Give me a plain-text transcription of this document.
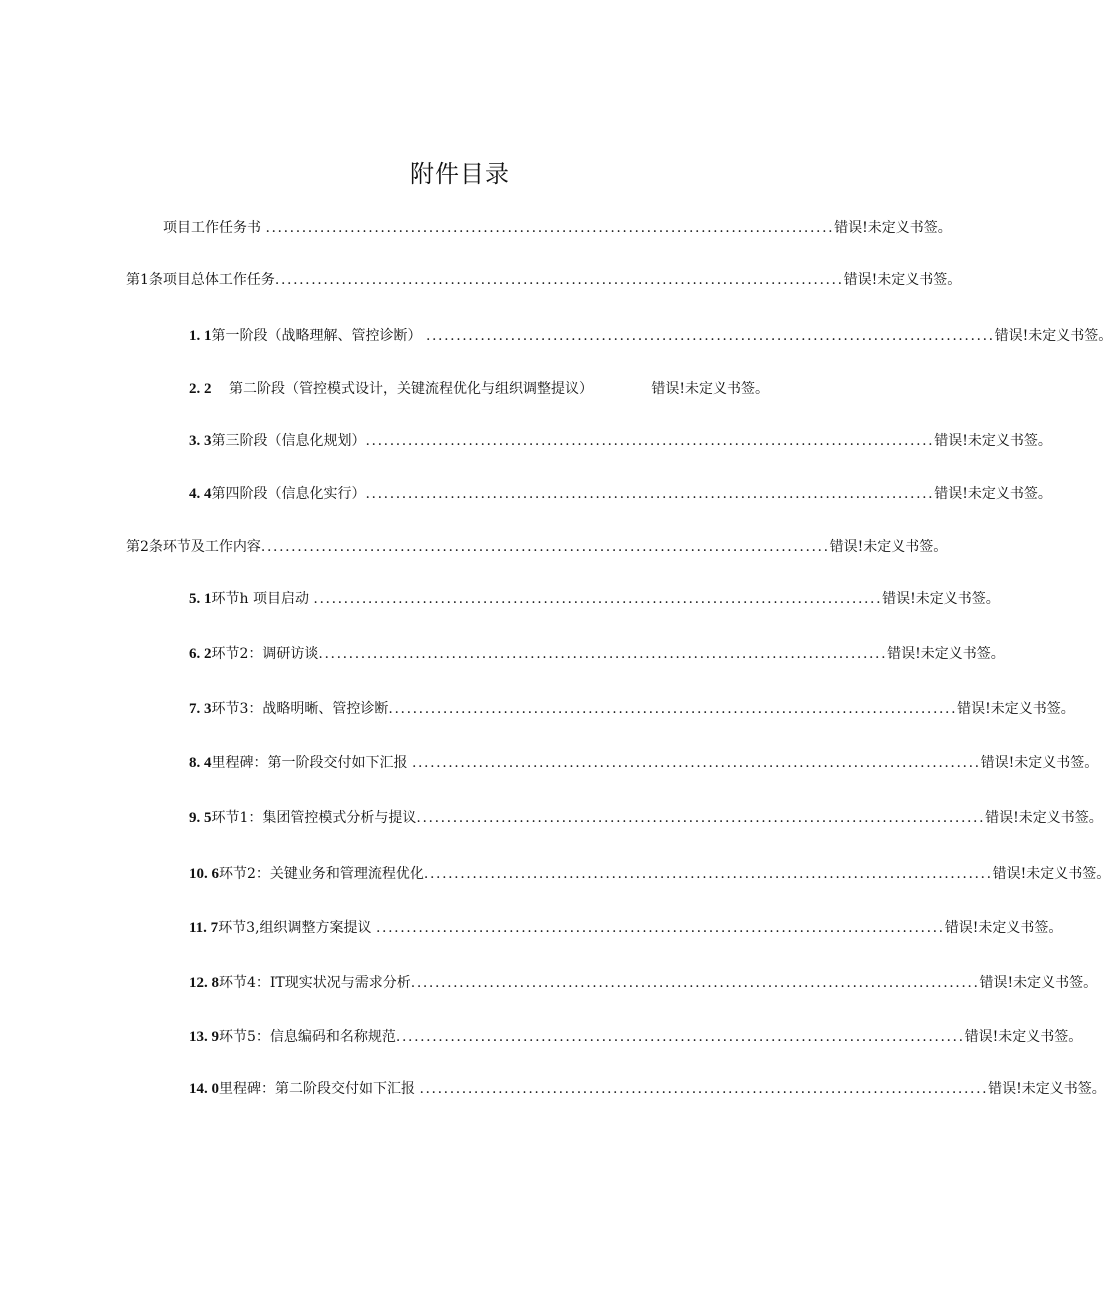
附件目录
项目工作任务书 .............................................................................................. 错误!未定义书签。
第1条 项目总体工作任务.............................................................................................. 错误!未定义书签。
1. 1 第一阶段（战略理解、管控诊断） .............................................................................................. 错误!未定义书签。
2. 2	第二阶段（管控模式设计，关键流程优化与组织调整提议）	错误!未定义书签。
3. 3 第三阶段（信息化规划）.............................................................................................. 错误!未定义书签。
4. 4 第四阶段（信息化实行）.............................................................................................. 错误!未定义书签。
第2条 环节及工作内容.............................................................................................. 错误!未定义书签。
5. 1 环节h 项目启动 .............................................................................................. 错误!未定义书签。
6. 2 环节2：调研访谈.............................................................................................. 错误!未定义书签。
7. 3 环节3：战略明晰、管控诊断.............................................................................................. 错误!未定义书签。
8. 4 里程碑：第一阶段交付如下汇报 .............................................................................................. 错误!未定义书签。
9. 5 环节1：集团管控模式分析与提议.............................................................................................. 错误!未定义书签。
10. 6 环节2：关键业务和管理流程优化.............................................................................................. 错误!未定义书签。
11. 7 环节3,组织调整方案提议 .............................................................................................. 错误!未定义书签。
12. 8 环节4：IT现实状况与需求分析.............................................................................................. 错误!未定义书签。
13. 9 环节5：信息编码和名称规范.............................................................................................. 错误!未定义书签。
14. 0 里程碑：第二阶段交付如下汇报 .............................................................................................. 错误!未定义书签。
